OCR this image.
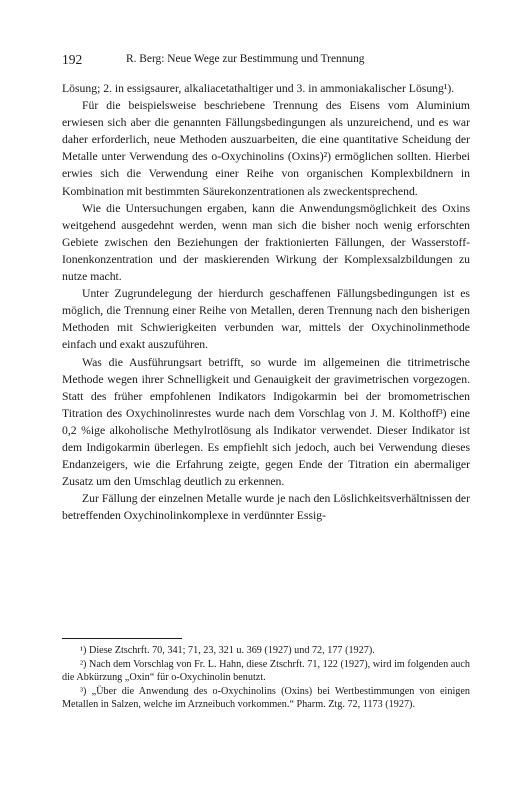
192	R. Berg: Neue Wege zur Bestimmung und Trennung

Lösung; 2. in essigsaurer, alkaliacetathaltiger und 3. in ammoniakalischer Lösung¹).

Für die beispielsweise beschriebene Trennung des Eisens vom Aluminium erwiesen sich aber die genannten Fällungsbedingungen als unzureichend, und es war daher erforderlich, neue Methoden auszuarbeiten, die eine quantitative Scheidung der Metalle unter Verwendung des o-Oxychinolins (Oxins)²) ermöglichen sollten. Hierbei erwies sich die Verwendung einer Reihe von organischen Komplexbildnern in Kombination mit bestimmten Säurekonzentrationen als zweckentsprechend.

Wie die Untersuchungen ergaben, kann die Anwendungsmöglichkeit des Oxins weitgehend ausgedehnt werden, wenn man sich die bisher noch wenig erforschten Gebiete zwischen den Beziehungen der fraktionierten Fällungen, der Wasserstoff-Ionenkonzentration und der maskierenden Wirkung der Komplexsalzbildungen zu nutze macht.

Unter Zugrundelegung der hierdurch geschaffenen Fällungsbedingungen ist es möglich, die Trennung einer Reihe von Metallen, deren Trennung nach den bisherigen Methoden mit Schwierigkeiten verbunden war, mittels der Oxychinolinmethode einfach und exakt auszuführen.

Was die Ausführungsart betrifft, so wurde im allgemeinen die titrimetrische Methode wegen ihrer Schnelligkeit und Genauigkeit der gravimetrischen vorgezogen. Statt des früher empfohlenen Indikators Indigokarmin bei der bromometrischen Titration des Oxychinolinrestes wurde nach dem Vorschlag von J. M. Kolthoff³) eine 0,2 %ige alkoholische Methylrotlösung als Indikator verwendet. Dieser Indikator ist dem Indigokarmin überlegen. Es empfiehlt sich jedoch, auch bei Verwendung dieses Endanzeigers, wie die Erfahrung zeigte, gegen Ende der Titration ein abermaliger Zusatz um den Umschlag deutlich zu erkennen.

Zur Fällung der einzelnen Metalle wurde je nach den Löslichkeitsverhältnissen der betreffenden Oxychinolinkomplexe in verdünnter Essig-

¹) Diese Ztschrft. 70, 341; 71, 23, 321 u. 369 (1927) und 72, 177 (1927).

²) Nach dem Vorschlag von Fr. L. Hahn, diese Ztschrft. 71, 122 (1927), wird im folgenden auch die Abkürzung „Oxin“ für o-Oxychinolin benutzt.

³) „Über die Anwendung des o-Oxychinolins (Oxins) bei Wertbestimmungen von einigen Metallen in Salzen, welche im Arzneibuch vorkommen.“ Pharm. Ztg. 72, 1173 (1927).
